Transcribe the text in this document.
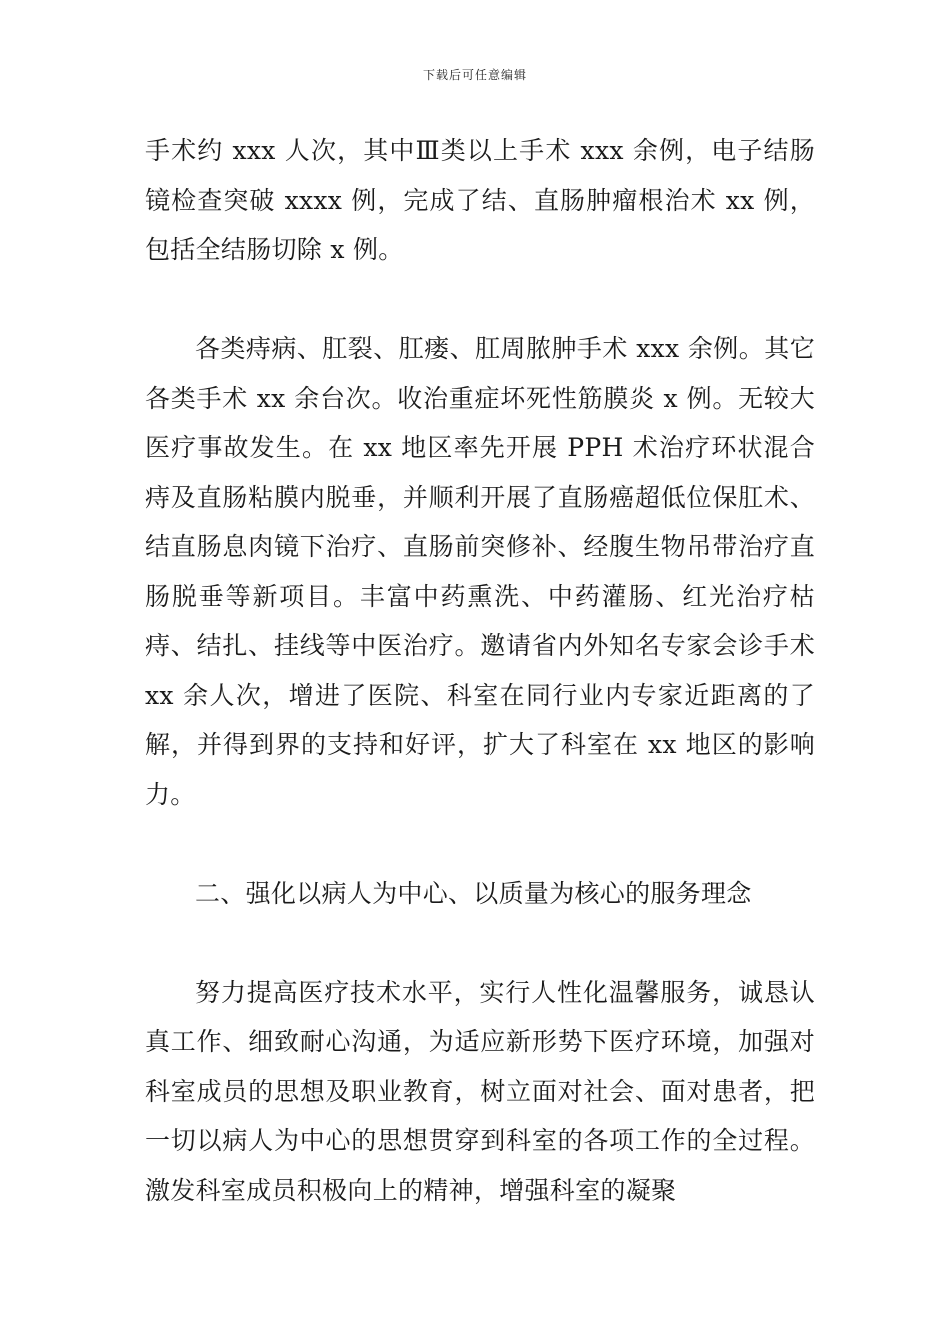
下载后可任意编辑

手术约 xxx 人次，其中Ⅲ类以上手术 xxx 余例，电子结肠镜检查突破 xxxx 例，完成了结、直肠肿瘤根治术 xx 例，包括全结肠切除 x 例。

各类痔病、肛裂、肛瘘、肛周脓肿手术 xxx 余例。其它各类手术 xx 余台次。收治重症坏死性筋膜炎 x 例。无较大医疗事故发生。在 xx 地区率先开展 PPH 术治疗环状混合痔及直肠粘膜内脱垂，并顺利开展了直肠癌超低位保肛术、结直肠息肉镜下治疗、直肠前突修补、经腹生物吊带治疗直肠脱垂等新项目。丰富中药熏洗、中药灌肠、红光治疗枯痔、结扎、挂线等中医治疗。邀请省内外知名专家会诊手术 xx 余人次，增进了医院、科室在同行业内专家近距离的了解，并得到界的支持和好评，扩大了科室在 xx 地区的影响力。

二、强化以病人为中心、以质量为核心的服务理念

努力提高医疗技术水平，实行人性化温馨服务，诚恳认真工作、细致耐心沟通，为适应新形势下医疗环境，加强对科室成员的思想及职业教育，树立面对社会、面对患者，把一切以病人为中心的思想贯穿到科室的各项工作的全过程。激发科室成员积极向上的精神，增强科室的凝聚
